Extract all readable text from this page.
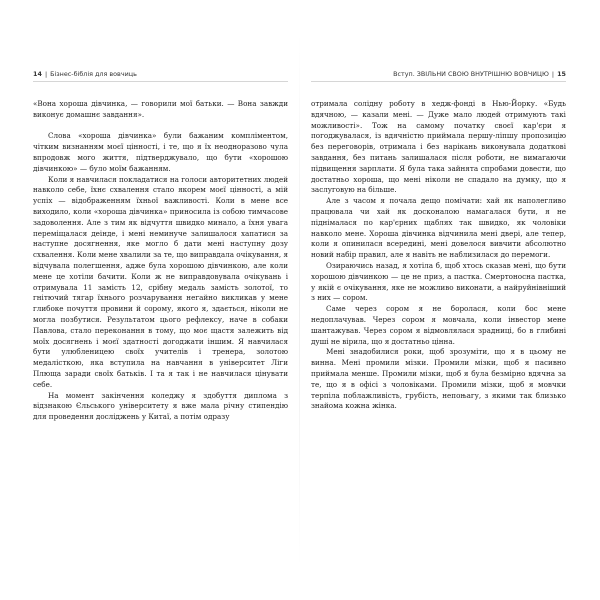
14 | Бізнес-біблія для вовчиць

«Вона хороша дівчинка, — говорили мої батьки. — Вона завжди виконує домашнє завдання».

Слова «хороша дівчинка» були бажаним компліментом, чітким визнанням моєї цінності, і те, що я їх неодноразово чула впродовж мого життя, підтверджувало, що бути «хорошою дівчинкою» — було моїм бажанням.

Коли я навчилася покладатися на голоси авторитетних людей навколо себе, їхнє схвалення стало якорем моєї цінності, а мій успіх — відображенням їхньої важливості. Коли в мене все виходило, коли «хороша дівчинка» приносила із собою тимчасове задоволення. Але з тим як відчуття швидко минало, а їхня увага переміщалася деінде, і мені неминуче залишалося хапатися за наступне досягнення, яке могло б дати мені наступну дозу схвалення. Коли мене хвалили за те, що виправдала очікування, я відчувала полегшення, адже була хорошою дівчинкою, але коли мене це хотіли бачити. Коли ж не виправдовувала очікувань і отримувала 11 замість 12, срібну медаль замість золотої, то гнітючий тягар їхнього розчарування негайно викликав у мене глибоке почуття провини й сорому, якого я, здається, ніколи не могла позбутися. Результатом цього рефлексу, наче в собаки Павлова, стало переконання в тому, що моє щастя залежить від моїх досягнень і моєї здатності догоджати іншим. Я навчилася бути улюбленицею своїх учителів і тренера, золотою медалісткою, яка вступила на навчання в університет Ліги Плюща заради своїх батьків. І та я так і не навчилася цінувати себе.

На момент закінчення коледжу я здобуття диплома з відзнакою Єльського університету я вже мала річну стипендію для проведення досліджень у Китаї, а потім одразу

Вступ. ЗВІЛЬНИ СВОЮ ВНУТРІШНЮ ВОВЧИЦЮ | 15

отримала солідну роботу в хедж-фонді в Нью-Йорку. «Будь вдячною, — казали мені. — Дуже мало людей отримують такі можливості». Тож на самому початку своєї кар'єри я погоджувалася, із вдячністю приймала першу-ліпшу пропозицію без переговорів, отримала і без нарікань виконувала додаткові завдання, без питань залишалася після роботи, не вимагаючи підвищення зарплати. Я була така зайнята спробами довести, що достатньо хороша, що мені ніколи не спадало на думку, що я заслуговую на більше.

Але з часом я почала дещо помічати: хай як наполегливо працювала чи хай як досконалою намагалася бути, я не піднімалася по кар'єрних щаблях так швидко, як чоловіки навколо мене. Хороша дівчинка відчинила мені двері, але тепер, коли я опинилася всередині, мені довелося вивчити абсолютно новий набір правил, але я навіть не наблизилася до перемоги.

Озираючись назад, я хотіла б, щоб хтось сказав мені, що бути хорошою дівчинкою — це не приз, а пастка. Смертоносна пастка, у якій є очікування, яке не можливо виконати, а найруйнівніший з них — сором.

Саме через сором я не боролася, коли бос мене недоплачував. Через сором я мовчала, коли інвестор мене шантажував. Через сором я відмовлялася зрадниці, бо в глибині душі не вірила, що я достатньо цінна.

Мені знадобилися роки, щоб зрозуміти, що я в цьому не винна. Мені промили мізки. Промили мізки, щоб я пасивно приймала менше. Промили мізки, щоб я була безмірно вдячна за те, що я в офісі з чоловіками. Промили мізки, щоб я мовчки терпіла поблажливість, грубість, непоњагу, з якими так близько знайома кожна жінка.
